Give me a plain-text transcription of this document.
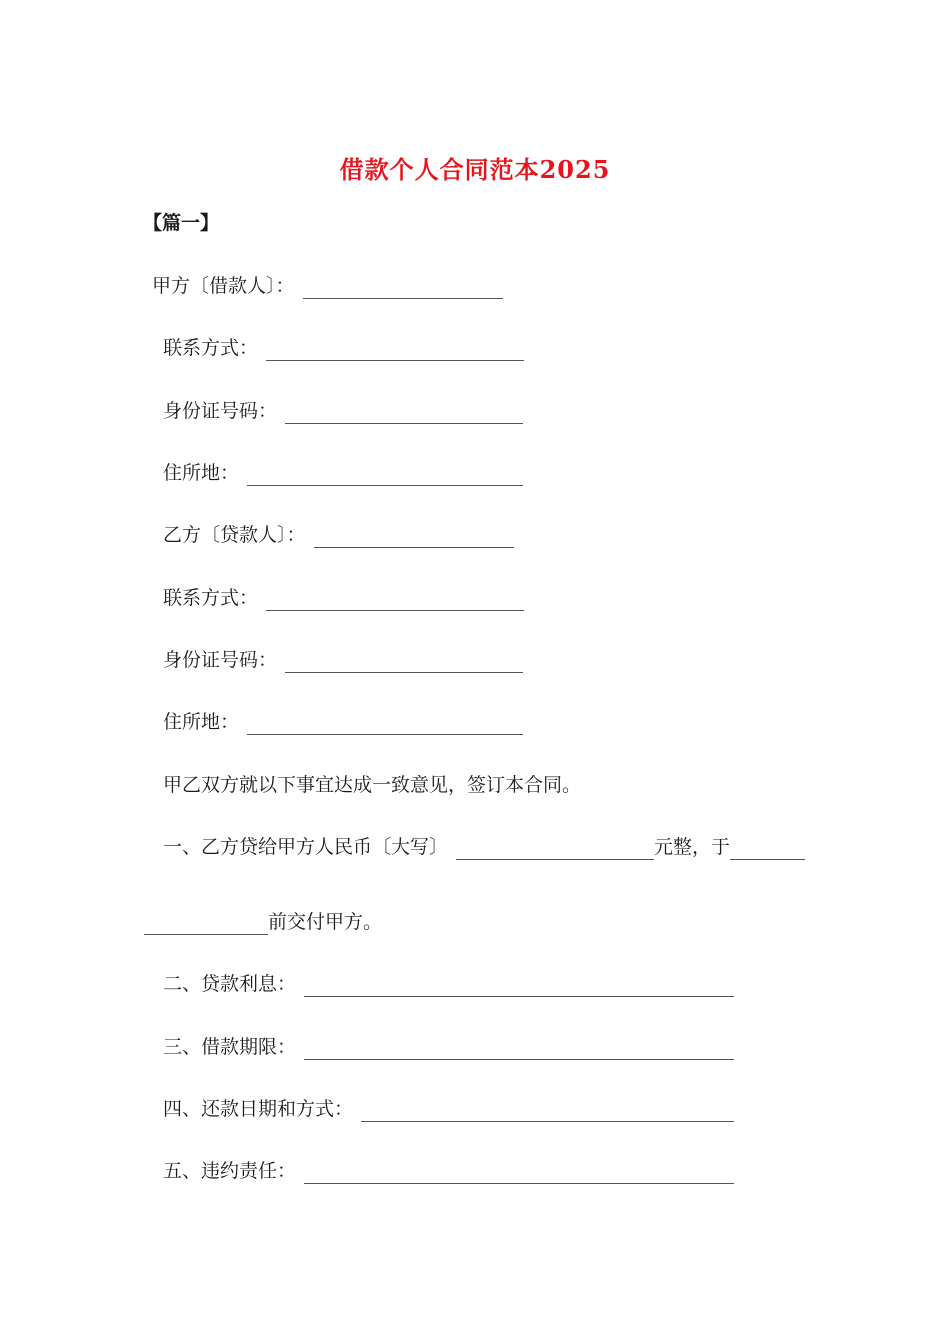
借款个人合同范本2025
【篇一】
甲方〔借款人〕：
联系方式：
身份证号码：
住所地：
乙方〔贷款人〕：
联系方式：
身份证号码：
住所地：
甲乙双方就以下事宜达成一致意见，签订本合同。
一、乙方贷给甲方人民币〔大写〕	元整，于
前交付甲方。
二、贷款利息：
三、借款期限：
四、还款日期和方式：
五、违约责任：
